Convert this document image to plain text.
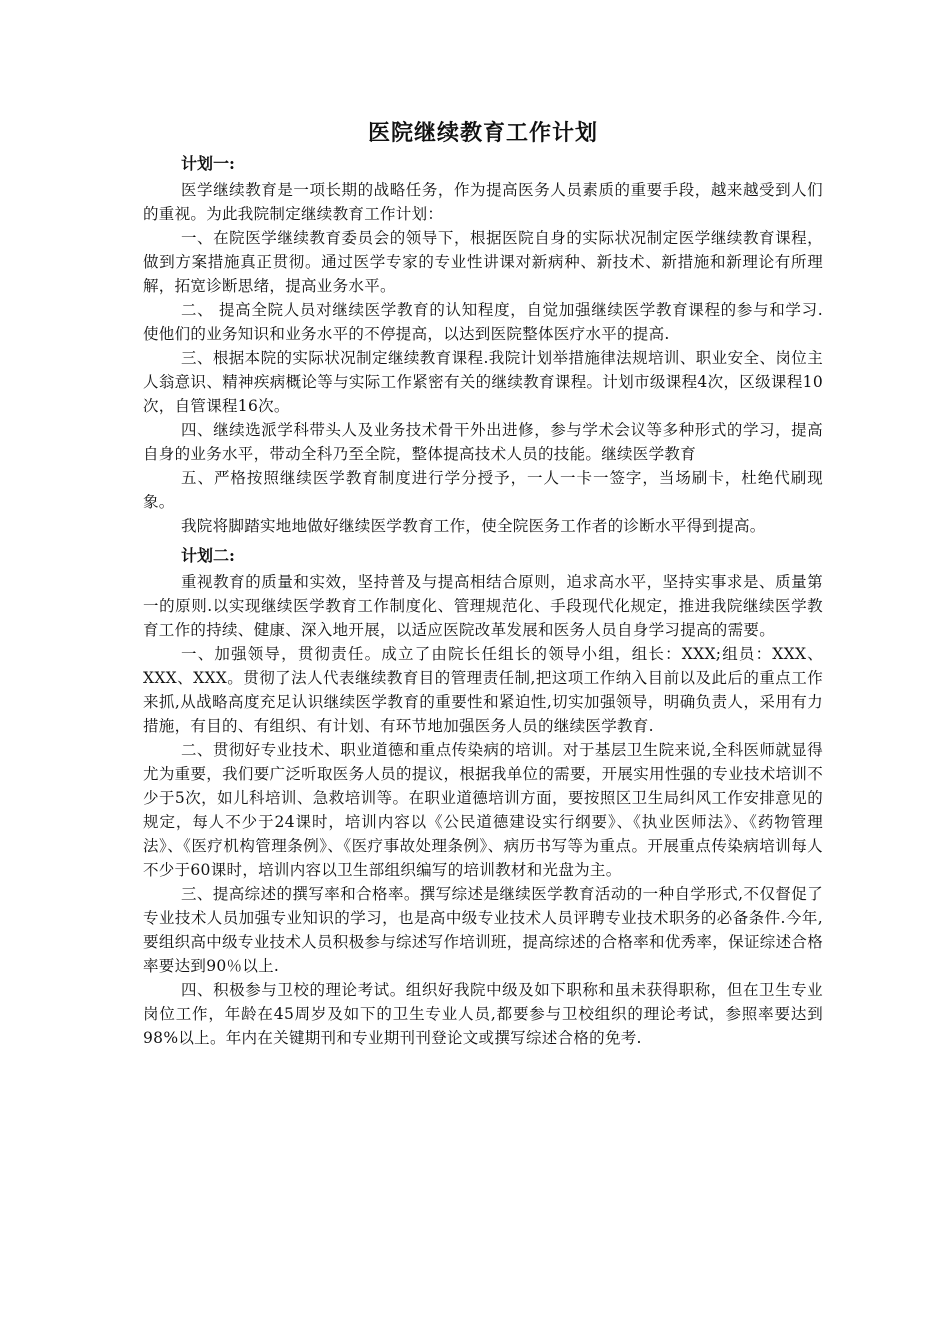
医院继续教育工作计划
计划一:

医学继续教育是一项长期的战略任务，作为提高医务人员素质的重要手段，越来越受到人们的重视。为此我院制定继续教育工作计划：

一、在院医学继续教育委员会的领导下，根据医院自身的实际状况制定医学继续教育课程，做到方案措施真正贯彻。通过医学专家的专业性讲课对新病种、新技术、新措施和新理论有所理解，拓宽诊断思绪，提高业务水平。

二、 提高全院人员对继续医学教育的认知程度，自觉加强继续医学教育课程的参与和学习.使他们的业务知识和业务水平的不停提高，以达到医院整体医疗水平的提高.

三、根据本院的实际状况制定继续教育课程.我院计划举措施律法规培训、职业安全、岗位主人翁意识、精神疾病概论等与实际工作紧密有关的继续教育课程。计划市级课程4次，区级课程10次，自管课程16次。

四、继续选派学科带头人及业务技术骨干外出进修，参与学术会议等多种形式的学习，提高自身的业务水平，带动全科乃至全院，整体提高技术人员的技能。继续医学教育

五、严格按照继续医学教育制度进行学分授予，一人一卡一签字，当场刷卡，杜绝代刷现象。

我院将脚踏实地地做好继续医学教育工作，使全院医务工作者的诊断水平得到提高。

计划二:

重视教育的质量和实效，坚持普及与提高相结合原则，追求高水平，坚持实事求是、质量第一的原则.以实现继续医学教育工作制度化、管理规范化、手段现代化规定，推进我院继续医学教育工作的持续、健康、深入地开展，以适应医院改革发展和医务人员自身学习提高的需要。

一、加强领导，贯彻责任。成立了由院长任组长的领导小组，组长：XXX;组员：XXX、XXX、XXX。贯彻了法人代表继续教育目的管理责任制,把这项工作纳入目前以及此后的重点工作来抓,从战略高度充足认识继续医学教育的重要性和紧迫性,切实加强领导，明确负责人，采用有力措施，有目的、有组织、有计划、有环节地加强医务人员的继续医学教育.

二、贯彻好专业技术、职业道德和重点传染病的培训。对于基层卫生院来说,全科医师就显得尤为重要，我们要广泛听取医务人员的提议，根据我单位的需要，开展实用性强的专业技术培训不少于5次，如儿科培训、急救培训等。在职业道德培训方面，要按照区卫生局纠风工作安排意见的规定，每人不少于24课时，培训内容以《公民道德建设实行纲要》、《执业医师法》、《药物管理法》、《医疗机构管理条例》、《医疗事故处理条例》、病历书写等为重点。开展重点传染病培训每人不少于60课时，培训内容以卫生部组织编写的培训教材和光盘为主。

三、提高综述的撰写率和合格率。撰写综述是继续医学教育活动的一种自学形式,不仅督促了专业技术人员加强专业知识的学习，也是高中级专业技术人员评聘专业技术职务的必备条件.今年,要组织高中级专业技术人员积极参与综述写作培训班，提高综述的合格率和优秀率，保证综述合格率要达到90％以上.

四、积极参与卫校的理论考试。组织好我院中级及如下职称和虽未获得职称，但在卫生专业岗位工作，年龄在45周岁及如下的卫生专业人员,都要参与卫校组织的理论考试，参照率要达到98%以上。年内在关键期刊和专业期刊刊登论文或撰写综述合格的免考.
